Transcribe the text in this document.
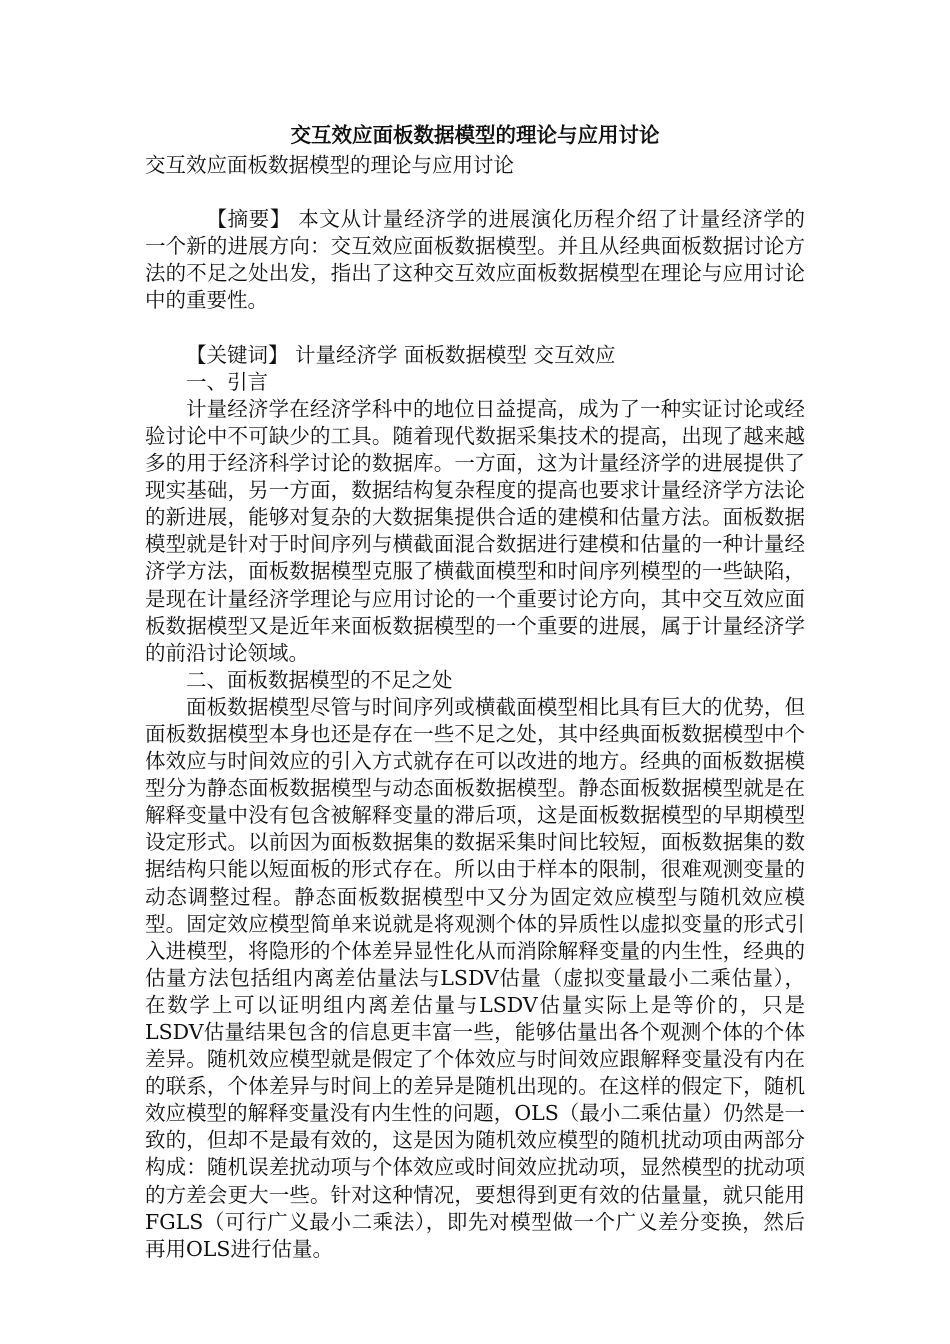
交互效应面板数据模型的理论与应用讨论

交互效应面板数据模型的理论与应用讨论

【摘要】 本文从计量经济学的进展演化历程介绍了计量经济学的一个新的进展方向：交互效应面板数据模型。并且从经典面板数据讨论方法的不足之处出发，指出了这种交互效应面板数据模型在理论与应用讨论中的重要性。

【关键词】 计量经济学 面板数据模型 交互效应

一、引言

计量经济学在经济学科中的地位日益提高，成为了一种实证讨论或经验讨论中不可缺少的工具。随着现代数据采集技术的提高，出现了越来越多的用于经济科学讨论的数据库。一方面，这为计量经济学的进展提供了现实基础，另一方面，数据结构复杂程度的提高也要求计量经济学方法论的新进展，能够对复杂的大数据集提供合适的建模和估量方法。面板数据模型就是针对于时间序列与横截面混合数据进行建模和估量的一种计量经济学方法，面板数据模型克服了横截面模型和时间序列模型的一些缺陷，是现在计量经济学理论与应用讨论的一个重要讨论方向，其中交互效应面板数据模型又是近年来面板数据模型的一个重要的进展，属于计量经济学的前沿讨论领域。

二、面板数据模型的不足之处

面板数据模型尽管与时间序列或横截面模型相比具有巨大的优势，但面板数据模型本身也还是存在一些不足之处，其中经典面板数据模型中个体效应与时间效应的引入方式就存在可以改进的地方。经典的面板数据模型分为静态面板数据模型与动态面板数据模型。静态面板数据模型就是在解释变量中没有包含被解释变量的滞后项，这是面板数据模型的早期模型设定形式。以前因为面板数据集的数据采集时间比较短，面板数据集的数据结构只能以短面板的形式存在。所以由于样本的限制，很难观测变量的动态调整过程。静态面板数据模型中又分为固定效应模型与随机效应模型。固定效应模型简单来说就是将观测个体的异质性以虚拟变量的形式引入进模型，将隐形的个体差异显性化从而消除解释变量的内生性，经典的估量方法包括组内离差估量法与LSDV估量（虚拟变量最小二乘估量），在数学上可以证明组内离差估量与LSDV估量实际上是等价的，只是LSDV估量结果包含的信息更丰富一些，能够估量出各个观测个体的个体差异。随机效应模型就是假定了个体效应与时间效应跟解释变量没有内在的联系，个体差异与时间上的差异是随机出现的。在这样的假定下，随机效应模型的解释变量没有内生性的问题，OLS（最小二乘估量）仍然是一致的，但却不是最有效的，这是因为随机效应模型的随机扰动项由两部分构成：随机误差扰动项与个体效应或时间效应扰动项，显然模型的扰动项的方差会更大一些。针对这种情况，要想得到更有效的估量量，就只能用FGLS（可行广义最小二乘法），即先对模型做一个广义差分变换，然后再用OLS进行估量。
